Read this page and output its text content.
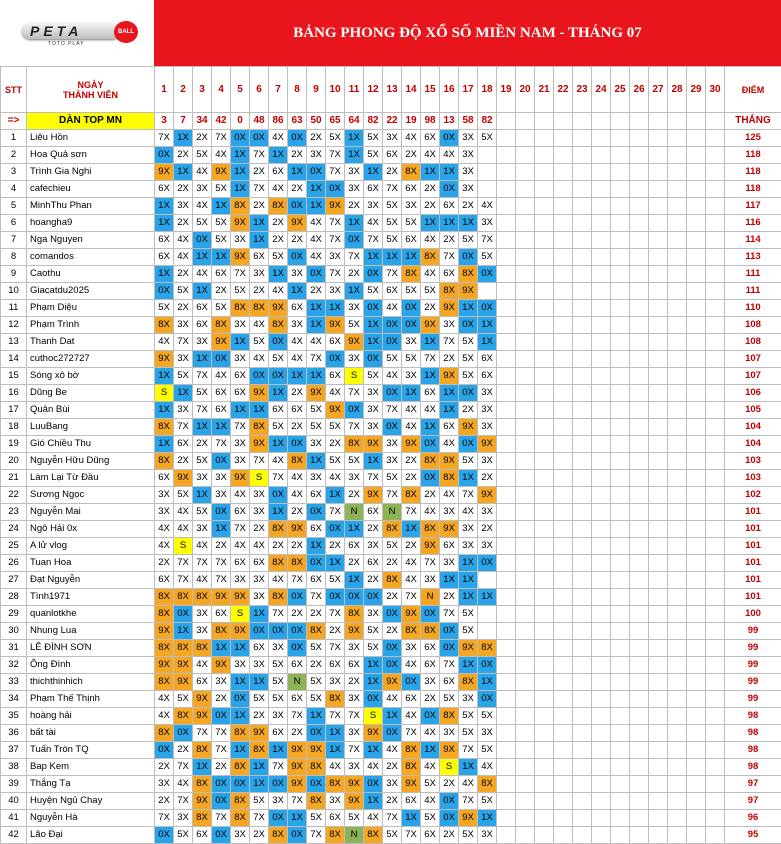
PETA	BALL
TOTO PLAY
BẢNG PHONG ĐỘ XỔ SỐ MIỀN NAM - THÁNG 07
STT	NGÀY
THÀNH VIÊN	1	2	3	4	5	6	7	8	9	10	11	12	13	14	15	16	17	18	19	20	21	22	23	24	25	26	27	28	29	30	ĐIỂM
=>	DÀN TOP MN	3	7	34	42	0	48	86	63	50	65	64	82	22	19	98	13	58	82													THẮNG
1	Liêu Hồn	7X	1X	2X	7X	0X	0X	4X	0X	2X	5X	1X	5X	3X	4X	6X	0X	3X	5X													125
2	Hoa Quả sơn	0X	2X	5X	4X	1X	7X	1X	2X	3X	7X	1X	5X	6X	2X	4X	4X	3X														118
3	Trình Gia Nghi	9X	1X	4X	9X	1X	2X	6X	1X	0X	7X	3X	1X	2X	8X	1X	1X	3X														118
4	cafechieu	6X	2X	3X	5X	1X	7X	4X	2X	1X	0X	3X	6X	7X	6X	2X	0X	3X														118
5	MinhThu Phan	1X	3X	4X	1X	8X	2X	8X	0X	1X	9X	2X	3X	5X	3X	2X	6X	2X	4X													117
6	hoangha9	1X	2X	5X	5X	9X	1X	2X	9X	4X	7X	1X	4X	5X	5X	1X	1X	1X	3X													116
7	Nga Nguyen	6X	4X	0X	5X	3X	1X	2X	2X	4X	7X	0X	7X	5X	6X	4X	2X	5X	7X													114
8	comandos	6X	4X	1X	1X	9X	6X	5X	0X	4X	3X	7X	1X	1X	1X	8X	7X	0X	5X													113
9	Caothu	1X	2X	4X	6X	7X	3X	1X	3X	0X	7X	2X	0X	7X	8X	4X	6X	8X	0X													111
10	Giacatdu2025	0X	5X	1X	2X	5X	2X	4X	1X	2X	3X	1X	5X	6X	5X	5X	8X	9X														111
11	Phạm Diệu	5X	2X	6X	5X	8X	8X	9X	6X	1X	1X	3X	0X	4X	0X	2X	9X	1X	0X													110
12	Phạm Trình	8X	3X	6X	8X	3X	4X	8X	3X	1X	9X	5X	1X	0X	0X	9X	3X	0X	1X													108
13	Thanh Dat	4X	7X	3X	9X	1X	5X	0X	4X	4X	6X	9X	1X	0X	3X	1X	7X	5X	1X													108
14	cuthoc272727	9X	3X	1X	0X	3X	4X	5X	4X	7X	0X	3X	0X	5X	5X	7X	2X	5X	6X													107
15	Sóng xô bờ	1X	5X	7X	4X	6X	0X	0X	1X	1X	6X	S	5X	4X	3X	1X	9X	5X	6X													107
16	Dũng Be	S	1X	5X	6X	6X	9X	1X	2X	9X	4X	7X	3X	0X	1X	6X	1X	0X	3X													106
17	Quân Bùi	1X	3X	7X	6X	1X	1X	6X	6X	5X	9X	0X	3X	7X	4X	4X	1X	2X	3X													105
18	LuuBang	8X	7X	1X	1X	7X	8X	5X	2X	5X	5X	7X	3X	0X	4X	1X	6X	9X	3X													104
19	Gió Chiều Thu	1X	6X	2X	7X	3X	9X	1X	0X	3X	2X	8X	9X	3X	9X	0X	4X	0X	9X													104
20	Nguyễn Hữu Dũng	8X	2X	5X	0X	3X	7X	4X	8X	1X	5X	5X	1X	3X	2X	8X	9X	5X	3X													103
21	Làm Lại Từ Đầu	6X	9X	3X	3X	9X	S	7X	4X	3X	4X	3X	7X	5X	2X	0X	8X	1X	2X													103
22	Sương Ngọc	3X	5X	1X	3X	4X	3X	0X	4X	6X	1X	2X	9X	7X	8X	2X	4X	7X	9X													102
23	Nguyễn Mai	3X	4X	5X	0X	6X	3X	1X	2X	0X	7X	N	6X	N	7X	4X	3X	4X	3X													101
24	Ngô Hải 0x	4X	4X	3X	1X	7X	2X	8X	9X	6X	0X	1X	2X	8X	1X	8X	9X	3X	2X													101
25	A lử vlog	4X	S	4X	2X	4X	4X	2X	2X	1X	2X	6X	3X	5X	2X	9X	6X	3X	3X													101
26	Tuan Hoa	2X	7X	7X	7X	6X	6X	8X	8X	0X	1X	2X	6X	2X	4X	7X	3X	1X	0X													101
27	Đạt Nguyễn	6X	7X	4X	7X	3X	3X	4X	7X	6X	5X	1X	2X	8X	4X	3X	1X	1X														101
28	Tình1971	8X	8X	8X	9X	9X	3X	8X	0X	7X	0X	0X	0X	2X	7X	N	2X	1X	1X													101
29	quanlotkhe	8X	0X	3X	6X	S	1X	7X	2X	2X	7X	8X	3X	0X	9X	0X	7X	5X														100
30	Nhung Lua	9X	1X	3X	8X	9X	0X	0X	0X	8X	2X	9X	5X	2X	8X	8X	0X	5X														99
31	LÊ ĐÌNH SƠN	8X	8X	8X	1X	1X	6X	3X	0X	5X	7X	3X	5X	0X	3X	6X	0X	9X	8X													99
32	Ông Đình	9X	9X	4X	9X	3X	3X	5X	6X	2X	6X	6X	1X	0X	4X	6X	7X	1X	0X													99
33	thichthinhich	8X	9X	6X	3X	1X	1X	5X	N	5X	3X	2X	1X	9X	0X	3X	6X	8X	1X													99
34	Phạm Thế Thịnh	4X	5X	9X	2X	0X	5X	5X	6X	5X	8X	3X	0X	4X	6X	2X	5X	3X	0X													99
35	hoàng hải	4X	8X	9X	0X	1X	2X	3X	7X	1X	7X	7X	S	1X	4X	0X	8X	5X	5X													98
36	bất tài	8X	0X	7X	7X	8X	9X	6X	2X	0X	1X	3X	9X	0X	7X	4X	3X	5X	3X													98
37	Tuấn Tròn TQ	0X	2X	8X	7X	1X	8X	1X	9X	9X	1X	7X	1X	4X	8X	1X	9X	7X	5X													98
38	Bap Kem	2X	7X	1X	2X	8X	1X	7X	9X	8X	4X	3X	4X	2X	8X	4X	S	1X	4X													98
39	Thắng Tạ	3X	4X	8X	0X	0X	1X	0X	9X	0X	8X	9X	0X	3X	9X	5X	2X	4X	8X													97
40	Huyện Ngủ Chay	2X	7X	9X	0X	8X	5X	3X	7X	8X	3X	9X	1X	2X	6X	4X	0X	7X	5X													97
41	Nguyễn Hà	7X	3X	8X	7X	8X	7X	0X	1X	5X	6X	5X	4X	7X	1X	5X	0X	9X	1X													96
42	Lão Đại	0X	5X	6X	0X	3X	2X	8X	0X	7X	8X	N	8X	5X	7X	6X	2X	5X	3X													95
